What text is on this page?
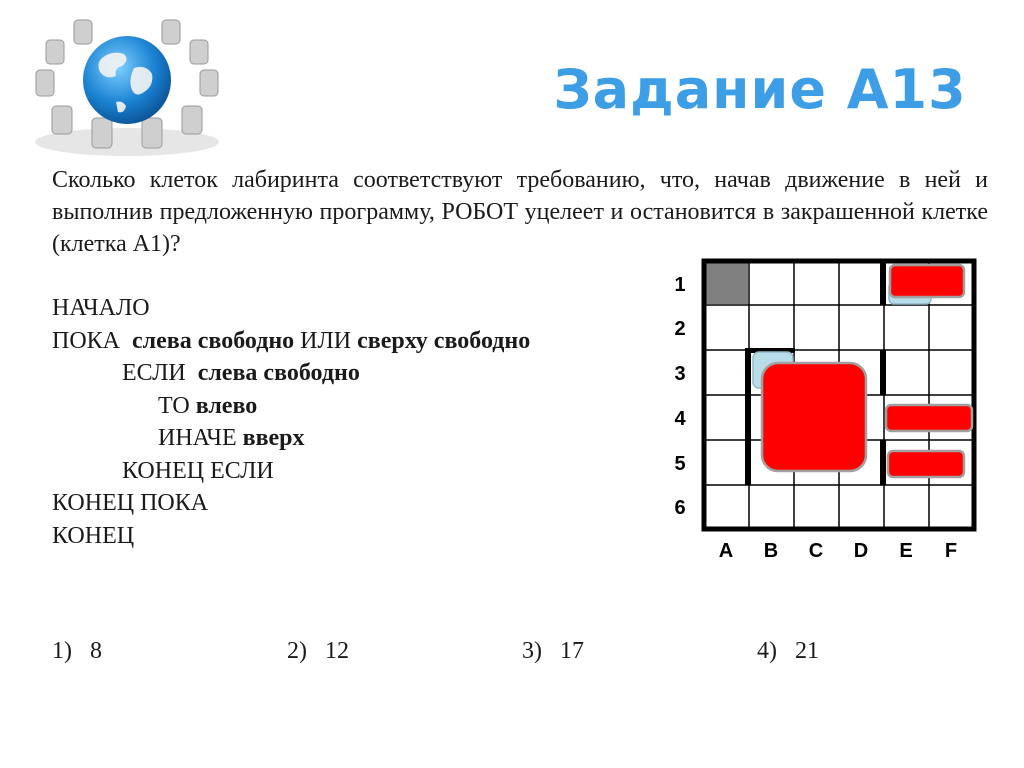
Задание А13
Сколько клеток лабиринта соответствуют требованию, что, начав движение в ней и выполнив предложенную программу, РОБОТ уцелеет и остановится в закрашенной клетке (клетка А1)?
НАЧАЛО
ПОКА слева свободно ИЛИ сверху свободно
ЕСЛИ слева свободно
ТО влево
ИНАЧЕ вверх
КОНЕЦ ЕСЛИ
КОНЕЦ ПОКА
КОНЕЦ
1
2
3
4
5
6
A B C D E F
1) 8	2) 12	3) 17	4) 21
